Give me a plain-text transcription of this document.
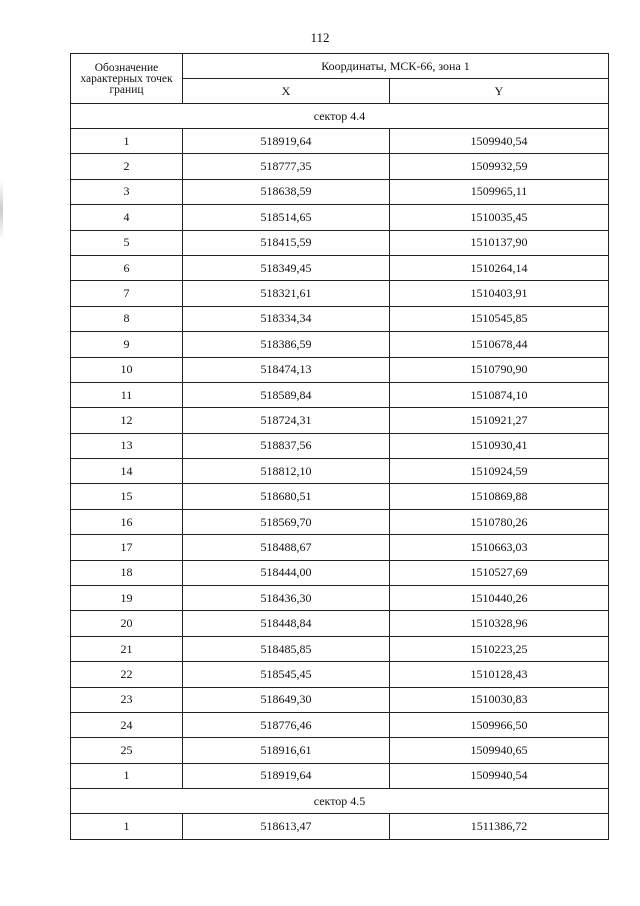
112
Обозначение характерных точек границ	Координаты, МСК-66, зона 1	
	X	Y
сектор 4.4		
1	518919,64	1509940,54
2	518777,35	1509932,59
3	518638,59	1509965,11
4	518514,65	1510035,45
5	518415,59	1510137,90
6	518349,45	1510264,14
7	518321,61	1510403,91
8	518334,34	1510545,85
9	518386,59	1510678,44
10	518474,13	1510790,90
11	518589,84	1510874,10
12	518724,31	1510921,27
13	518837,56	1510930,41
14	518812,10	1510924,59
15	518680,51	1510869,88
16	518569,70	1510780,26
17	518488,67	1510663,03
18	518444,00	1510527,69
19	518436,30	1510440,26
20	518448,84	1510328,96
21	518485,85	1510223,25
22	518545,45	1510128,43
23	518649,30	1510030,83
24	518776,46	1509966,50
25	518916,61	1509940,65
1	518919,64	1509940,54
сектор 4.5		
1	518613,47	1511386,72
